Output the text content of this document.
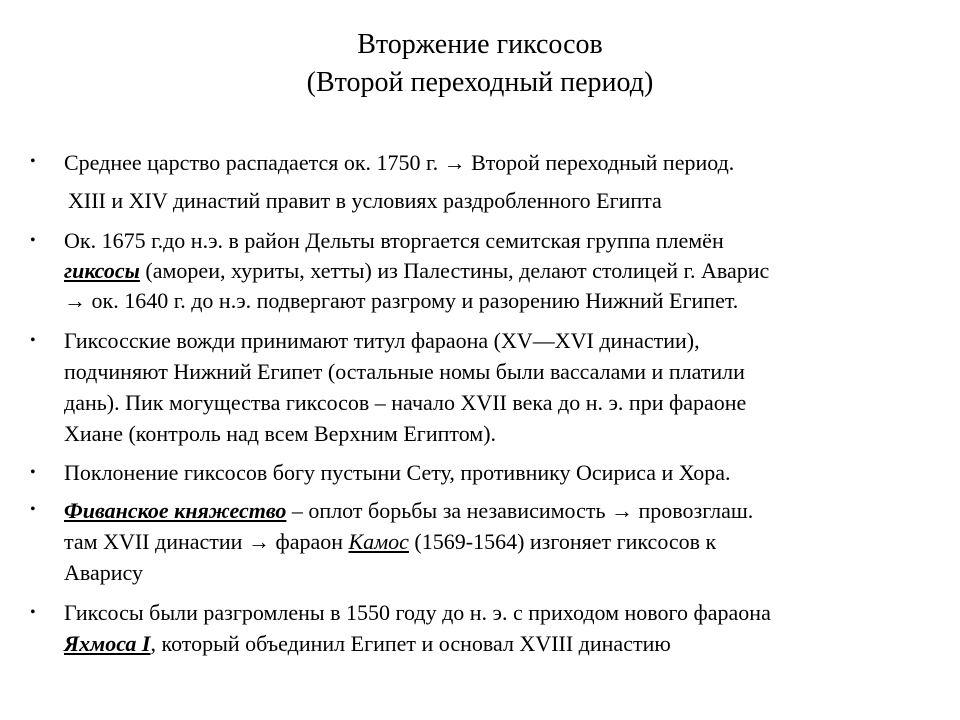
Вторжение гиксосов
(Второй переходный период)
• Среднее царство распадается ок. 1750 г. → Второй переходный период.
XIII и XIV династий правит в условиях раздробленного Египта
• Ок. 1675 г.до н.э. в район Дельты вторгается семитская группа племён
гиксосы (амореи, хуриты, хетты) из Палестины, делают столицей г. Аварис
→ ок. 1640 г. до н.э. подвергают разгрому и разорению Нижний Египет.
• Гиксосские вожди принимают титул фараона (XV—XVI династии),
подчиняют Нижний Египет (остальные номы были вассалами и платили
дань). Пик могущества гиксосов – начало XVII века до н. э. при фараоне
Хиане (контроль над всем Верхним Египтом).
• Поклонение гиксосов богу пустыни Сету, противнику Осириса и Хора.
• Фиванское княжество – оплот борьбы за независимость → провозглаш.
там XVII династии → фараон Камос (1569-1564) изгоняет гиксосов к
Аварису
• Гиксосы были разгромлены в 1550 году до н. э. с приходом нового фараона
Яхмоса I, который объединил Египет и основал XVIII династию
